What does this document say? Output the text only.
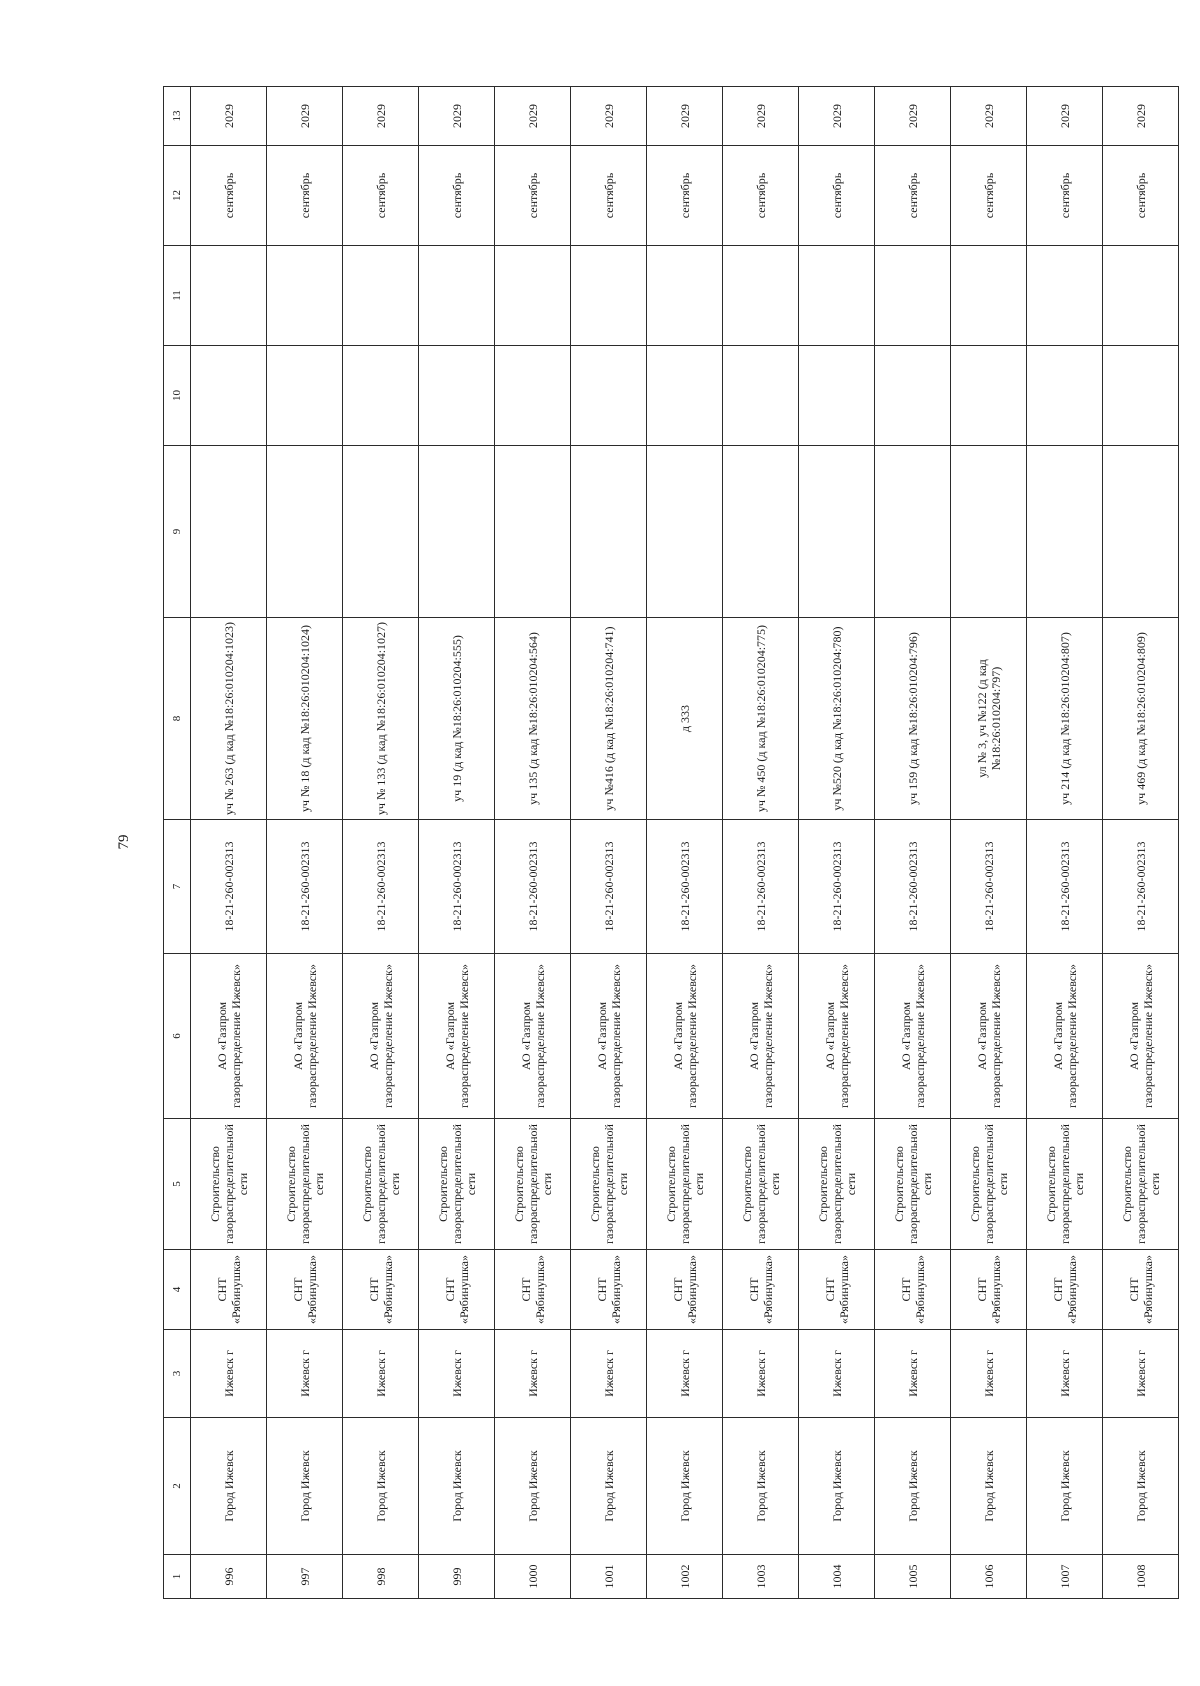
79
1	2	3	4	5	6	7	8	9	10	11	12	13
996	Город Ижевск	Ижевск г	СНТ «Рябинушка»	Строительство газораспределительной сети	АО «Газпром газораспределение Ижевск»	18-21-260-002313	уч № 263 (д кад №18:26:010204:1023)				сентябрь	2029
997	Город Ижевск	Ижевск г	СНТ «Рябинушка»	Строительство газораспределительной сети	АО «Газпром газораспределение Ижевск»	18-21-260-002313	уч № 18 (д кад №18:26:010204:1024)				сентябрь	2029
998	Город Ижевск	Ижевск г	СНТ «Рябинушка»	Строительство газораспределительной сети	АО «Газпром газораспределение Ижевск»	18-21-260-002313	уч № 133 (д кад №18:26:010204:1027)				сентябрь	2029
999	Город Ижевск	Ижевск г	СНТ «Рябинушка»	Строительство газораспределительной сети	АО «Газпром газораспределение Ижевск»	18-21-260-002313	уч 19 (д кад №18:26:010204:555)				сентябрь	2029
1000	Город Ижевск	Ижевск г	СНТ «Рябинушка»	Строительство газораспределительной сети	АО «Газпром газораспределение Ижевск»	18-21-260-002313	уч 135 (д кад №18:26:010204:564)				сентябрь	2029
1001	Город Ижевск	Ижевск г	СНТ «Рябинушка»	Строительство газораспределительной сети	АО «Газпром газораспределение Ижевск»	18-21-260-002313	уч №416 (д кад №18:26:010204:741)				сентябрь	2029
1002	Город Ижевск	Ижевск г	СНТ «Рябинушка»	Строительство газораспределительной сети	АО «Газпром газораспределение Ижевск»	18-21-260-002313	д 333				сентябрь	2029
1003	Город Ижевск	Ижевск г	СНТ «Рябинушка»	Строительство газораспределительной сети	АО «Газпром газораспределение Ижевск»	18-21-260-002313	уч № 450 (д кад №18:26:010204:775)				сентябрь	2029
1004	Город Ижевск	Ижевск г	СНТ «Рябинушка»	Строительство газораспределительной сети	АО «Газпром газораспределение Ижевск»	18-21-260-002313	уч №520 (д кад №18:26:010204:780)				сентябрь	2029
1005	Город Ижевск	Ижевск г	СНТ «Рябинушка»	Строительство газораспределительной сети	АО «Газпром газораспределение Ижевск»	18-21-260-002313	уч 159 (д кад №18:26:010204:796)				сентябрь	2029
1006	Город Ижевск	Ижевск г	СНТ «Рябинушка»	Строительство газораспределительной сети	АО «Газпром газораспределение Ижевск»	18-21-260-002313	ул № 3, уч №122 (д кад №18:26:010204:797)				сентябрь	2029
1007	Город Ижевск	Ижевск г	СНТ «Рябинушка»	Строительство газораспределительной сети	АО «Газпром газораспределение Ижевск»	18-21-260-002313	уч 214 (д кад №18:26:010204:807)				сентябрь	2029
1008	Город Ижевск	Ижевск г	СНТ «Рябинушка»	Строительство газораспределительной сети	АО «Газпром газораспределение Ижевск»	18-21-260-002313	уч 469 (д кад №18:26:010204:809)				сентябрь	2029
